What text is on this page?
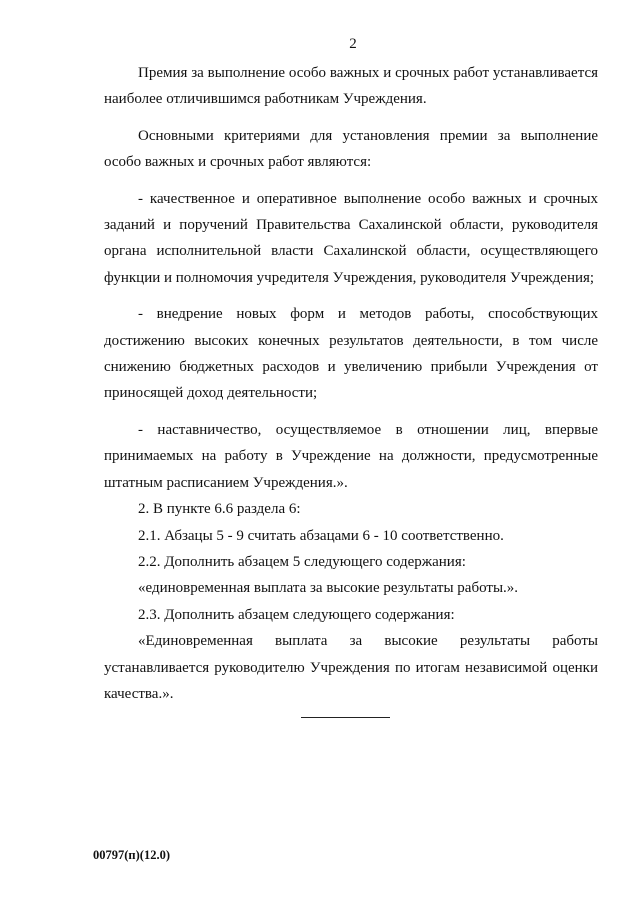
2

Премия за выполнение особо важных и срочных работ устанавливается наиболее отличившимся работникам Учреждения.

Основными критериями для установления премии за выполнение особо важных и срочных работ являются:

- качественное и оперативное выполнение особо важных и срочных заданий и поручений Правительства Сахалинской области, руководителя органа исполнительной власти Сахалинской области, осуществляющего функции и полномочия учредителя Учреждения, руководителя Учреждения;

- внедрение новых форм и методов работы, способствующих достижению высоких конечных результатов деятельности, в том числе снижению бюджетных расходов и увеличению прибыли Учреждения от приносящей доход деятельности;

- наставничество, осуществляемое в отношении лиц, впервые принимаемых на работу в Учреждение на должности, предусмотренные штатным расписанием Учреждения.».

2. В пункте 6.6 раздела 6:

2.1. Абзацы 5 - 9 считать абзацами 6 - 10 соответственно.

2.2. Дополнить абзацем 5 следующего содержания:

«единовременная выплата за высокие результаты работы.».

2.3. Дополнить абзацем следующего содержания:

«Единовременная выплата за высокие результаты работы устанавливается руководителю Учреждения по итогам независимой оценки качества.».

00797(п)(12.0)
